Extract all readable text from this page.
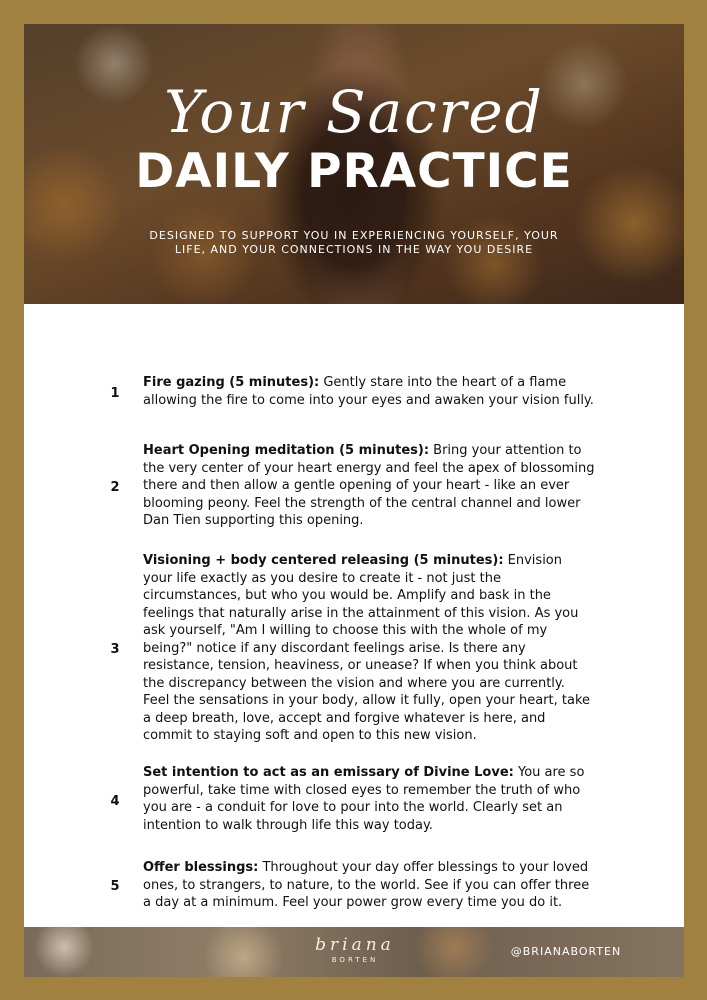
Your Sacred
DAILY PRACTICE
DESIGNED TO SUPPORT YOU IN EXPERIENCING YOURSELF, YOUR LIFE, AND YOUR CONNECTIONS IN THE WAY YOU DESIRE
1
Fire gazing (5 minutes): Gently stare into the heart of a flame allowing the fire to come into your eyes and awaken your vision fully.
2
Heart Opening meditation (5 minutes): Bring your attention to the very center of your heart energy and feel the apex of blossoming there and then allow a gentle opening of your heart - like an ever blooming peony. Feel the strength of the central channel and lower Dan Tien supporting this opening.
3
Visioning + body centered releasing (5 minutes): Envision your life exactly as you desire to create it - not just the circumstances, but who you would be. Amplify and bask in the feelings that naturally arise in the attainment of this vision. As you ask yourself, "Am I willing to choose this with the whole of my being?" notice if any discordant feelings arise. Is there any resistance, tension, heaviness, or unease? If when you think about the discrepancy between the vision and where you are currently. Feel the sensations in your body, allow it fully, open your heart, take a deep breath, love, accept and forgive whatever is here, and commit to staying soft and open to this new vision.
4
Set intention to act as an emissary of Divine Love: You are so powerful, take time with closed eyes to remember the truth of who you are - a conduit for love to pour into the world. Clearly set an intention to walk through life this way today.
5
Offer blessings: Throughout your day offer blessings to your loved ones, to strangers, to nature, to the world. See if you can offer three a day at a minimum. Feel your power grow every time you do it.
briana
BORTEN
@BRIANABORTEN
